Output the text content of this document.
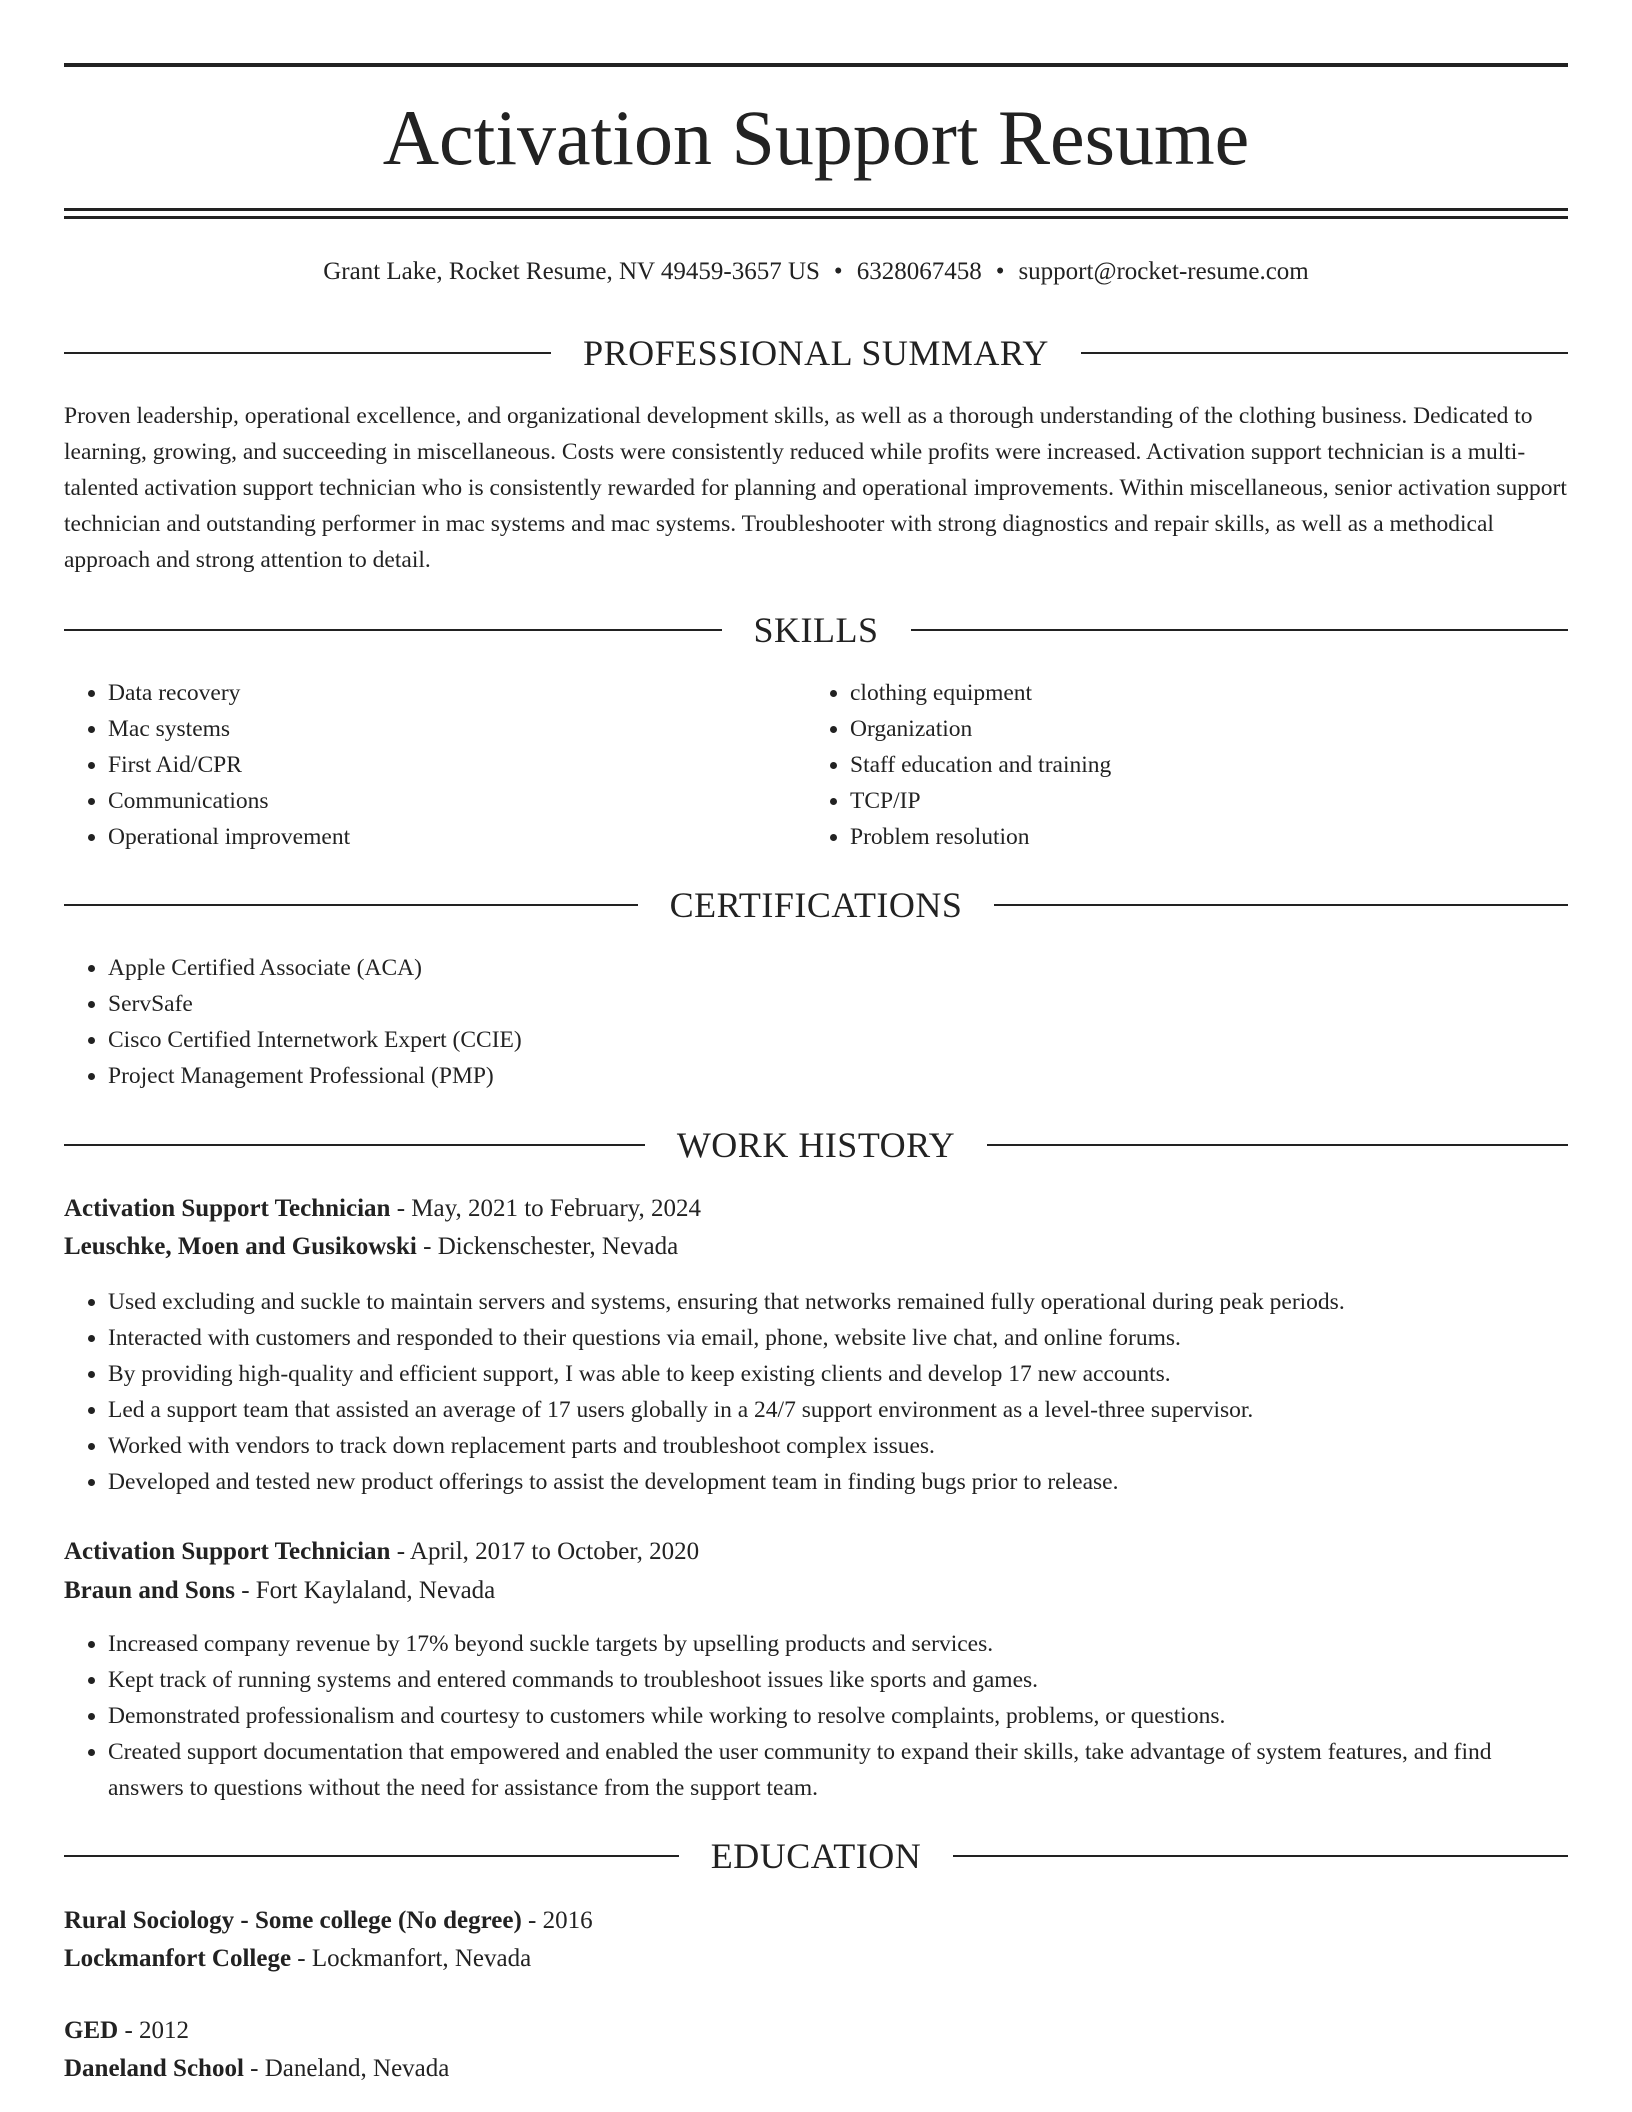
Activation Support Resume
Grant Lake, Rocket Resume, NV 49459-3657 US • 6328067458 • support@rocket-resume.com
PROFESSIONAL SUMMARY

Proven leadership, operational excellence, and organizational development skills, as well as a thorough understanding of the clothing business. Dedicated to learning, growing, and succeeding in miscellaneous. Costs were consistently reduced while profits were increased. Activation support technician is a multi-talented activation support technician who is consistently rewarded for planning and operational improvements. Within miscellaneous, senior activation support technician and outstanding performer in mac systems and mac systems. Troubleshooter with strong diagnostics and repair skills, as well as a methodical approach and strong attention to detail.

SKILLS
• Data recovery
• Mac systems
• First Aid/CPR
• Communications
• Operational improvement
• clothing equipment
• Organization
• Staff education and training
• TCP/IP
• Problem resolution
CERTIFICATIONS
• Apple Certified Associate (ACA)
• ServSafe
• Cisco Certified Internetwork Expert (CCIE)
• Project Management Professional (PMP)
WORK HISTORY
Activation Support Technician - May, 2021 to February, 2024
Leuschke, Moen and Gusikowski - Dickenschester, Nevada
• Used excluding and suckle to maintain servers and systems, ensuring that networks remained fully operational during peak periods.
• Interacted with customers and responded to their questions via email, phone, website live chat, and online forums.
• By providing high-quality and efficient support, I was able to keep existing clients and develop 17 new accounts.
• Led a support team that assisted an average of 17 users globally in a 24/7 support environment as a level-three supervisor.
• Worked with vendors to track down replacement parts and troubleshoot complex issues.
• Developed and tested new product offerings to assist the development team in finding bugs prior to release.
Activation Support Technician - April, 2017 to October, 2020
Braun and Sons - Fort Kaylaland, Nevada
• Increased company revenue by 17% beyond suckle targets by upselling products and services.
• Kept track of running systems and entered commands to troubleshoot issues like sports and games.
• Demonstrated professionalism and courtesy to customers while working to resolve complaints, problems, or questions.
• Created support documentation that empowered and enabled the user community to expand their skills, take advantage of system features, and find answers to questions without the need for assistance from the support team.
EDUCATION
Rural Sociology - Some college (No degree) - 2016
Lockmanfort College - Lockmanfort, Nevada
GED - 2012
Daneland School - Daneland, Nevada
